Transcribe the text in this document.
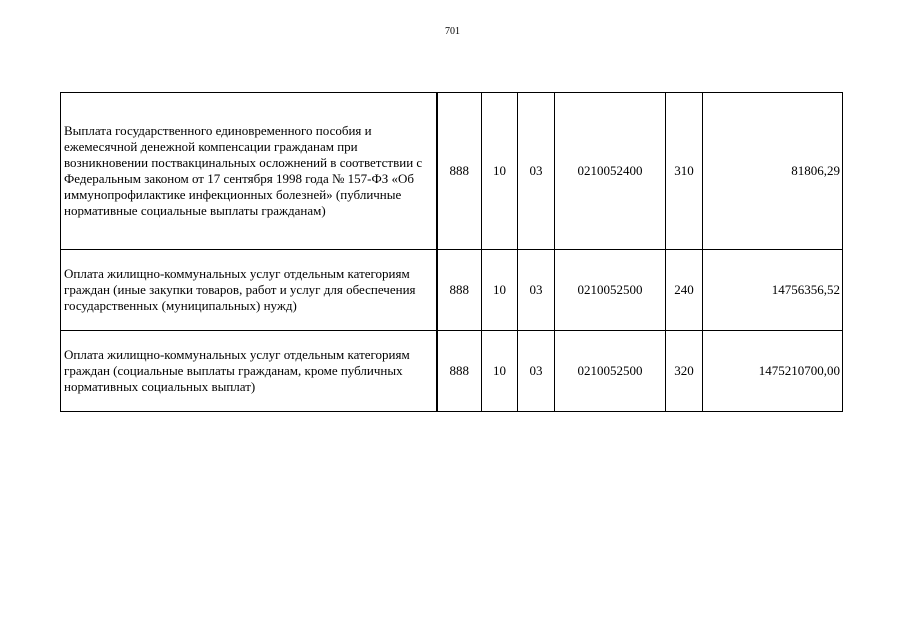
701
Выплата государственного единовременного пособия и ежемесячной денежной компенсации гражданам при возникновении поствакцинальных осложнений в соответствии с Федеральным законом от 17 сентября 1998 года № 157-ФЗ «Об иммунопрофилактике инфекционных болезней» (публичные нормативные социальные выплаты гражданам)	888	10	03	0210052400	310	81806,29
Оплата жилищно-коммунальных услуг отдельным категориям граждан (иные закупки товаров, работ и услуг для обеспечения государственных (муниципальных) нужд)	888	10	03	0210052500	240	14756356,52
Оплата жилищно-коммунальных услуг отдельным категориям граждан (социальные выплаты гражданам, кроме публичных нормативных социальных выплат)	888	10	03	0210052500	320	1475210700,00
